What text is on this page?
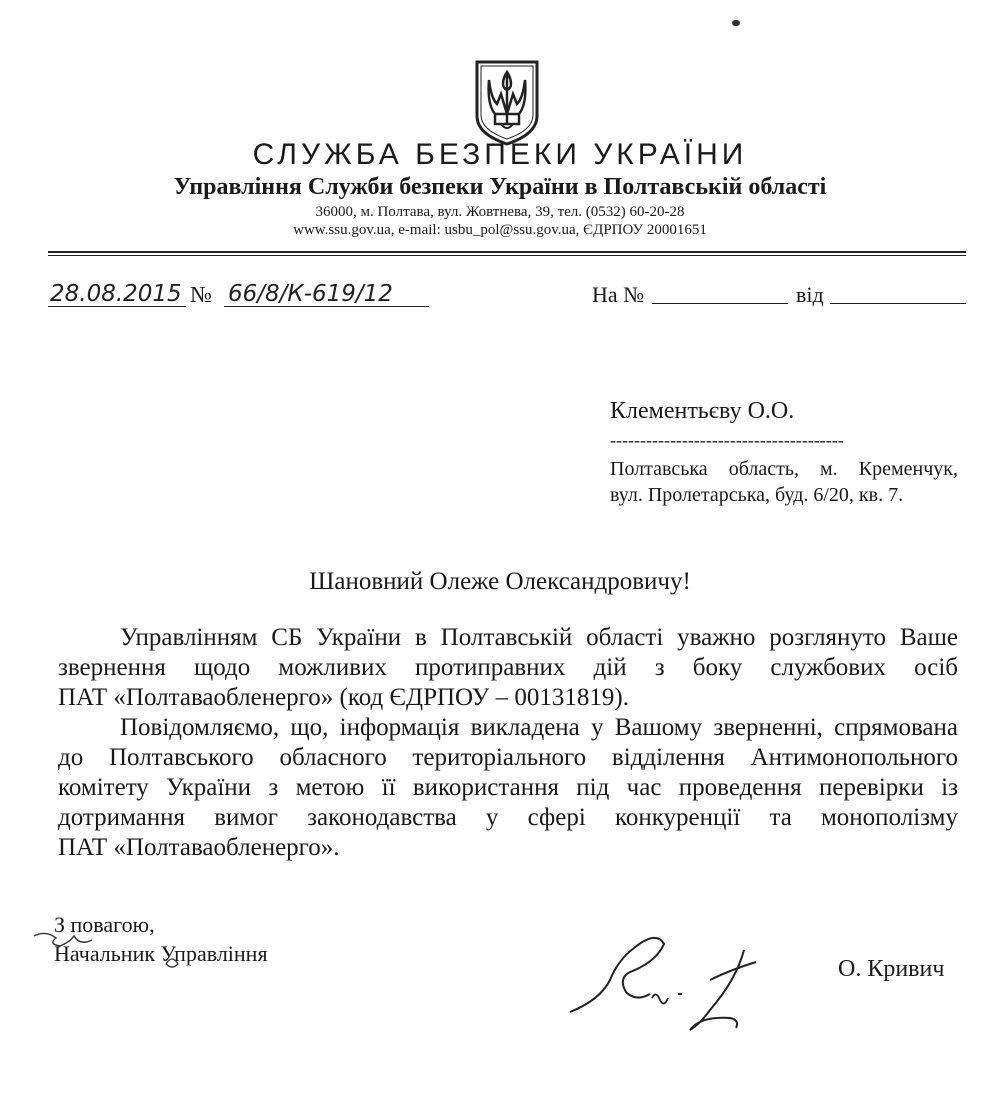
СЛУЖБА БЕЗПЕКИ УКРАЇНИ
Управління Служби безпеки України в Полтавській області
36000, м. Полтава, вул. Жовтнева, 39, тел. (0532) 60-20-28
www.ssu.gov.ua, e-mail: usbu_pol@ssu.gov.ua, ЄДРПОУ 20001651
28.08.2015 № 66/8/К-619/12	На №	від
Клементьєву О.О.
---------------------------------------
Полтавська область, м. Кременчук,
вул. Пролетарська, буд. 6/20, кв. 7.
Шановний Олеже Олександровичу!
Управлінням СБ України в Полтавській області уважно розглянуто Ваше
звернення щодо можливих протиправних дій з боку службових осіб
ПАТ «Полтаваобленерго» (код ЄДРПОУ – 00131819).
Повідомляємо, що, інформація викладена у Вашому зверненні, спрямована
до Полтавського обласного територіального відділення Антимонопольного
комітету України з метою її використання під час проведення перевірки із
дотримання вимог законодавства у сфері конкуренції та монополізму
ПАТ «Полтаваобленерго».
З повагою,
Начальник Управління
О. Кривич
